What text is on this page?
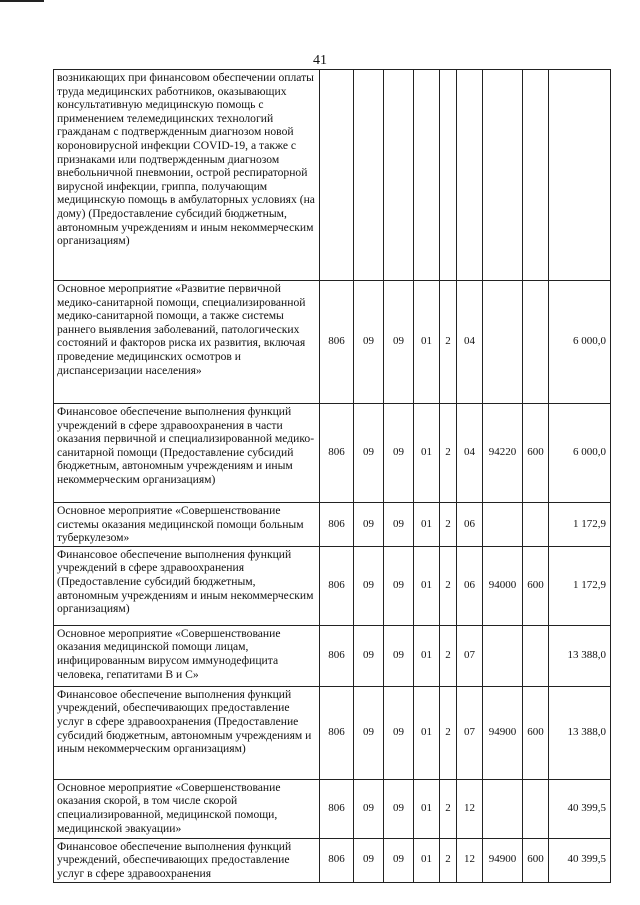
41
возникающих при финансовом обеспечении оплаты труда медицинских работников, оказывающих консультативную медицинскую помощь с применением телемедицинских технологий гражданам с подтвержденным диагнозом новой короновирусной инфекции COVID-19, а также с признаками или подтвержденным диагнозом внебольничной пневмонии, острой респираторной вирусной инфекции, гриппа, получающим медицинскую помощь в амбулаторных условиях (на дому) (Предоставление субсидий бюджетным, автономным учреждениям и иным некоммерческим организациям)									
Основное мероприятие «Развитие первичной медико-санитарной помощи, специализированной медико-санитарной помощи, а также системы раннего выявления заболеваний, патологических состояний и факторов риска их развития, включая проведение медицинских осмотров и диспансеризации населения»	806	09	09	01	2	04			6 000,0
Финансовое обеспечение выполнения функций учреждений в сфере здравоохранения в части оказания первичной и специализированной медико-санитарной помощи (Предоставление субсидий бюджетным, автономным учреждениям и иным некоммерческим организациям)	806	09	09	01	2	04	94220	600	6 000,0
Основное мероприятие «Совершенствование системы оказания медицинской помощи больным туберкулезом»	806	09	09	01	2	06			1 172,9
Финансовое обеспечение выполнения функций учреждений в сфере здравоохранения (Предоставление субсидий бюджетным, автономным учреждениям и иным некоммерческим организациям)	806	09	09	01	2	06	94000	600	1 172,9
Основное мероприятие «Совершенствование оказания медицинской помощи лицам, инфицированным вирусом иммунодефицита человека, гепатитами В и С»	806	09	09	01	2	07			13 388,0
Финансовое обеспечение выполнения функций учреждений, обеспечивающих предоставление услуг в сфере здравоохранения (Предоставление субсидий бюджетным, автономным учреждениям и иным некоммерческим организациям)	806	09	09	01	2	07	94900	600	13 388,0
Основное мероприятие «Совершенствование оказания скорой, в том числе скорой специализированной, медицинской помощи, медицинской эвакуации»	806	09	09	01	2	12			40 399,5
Финансовое обеспечение выполнения функций учреждений, обеспечивающих предоставление услуг в сфере здравоохранения	806	09	09	01	2	12	94900	600	40 399,5
